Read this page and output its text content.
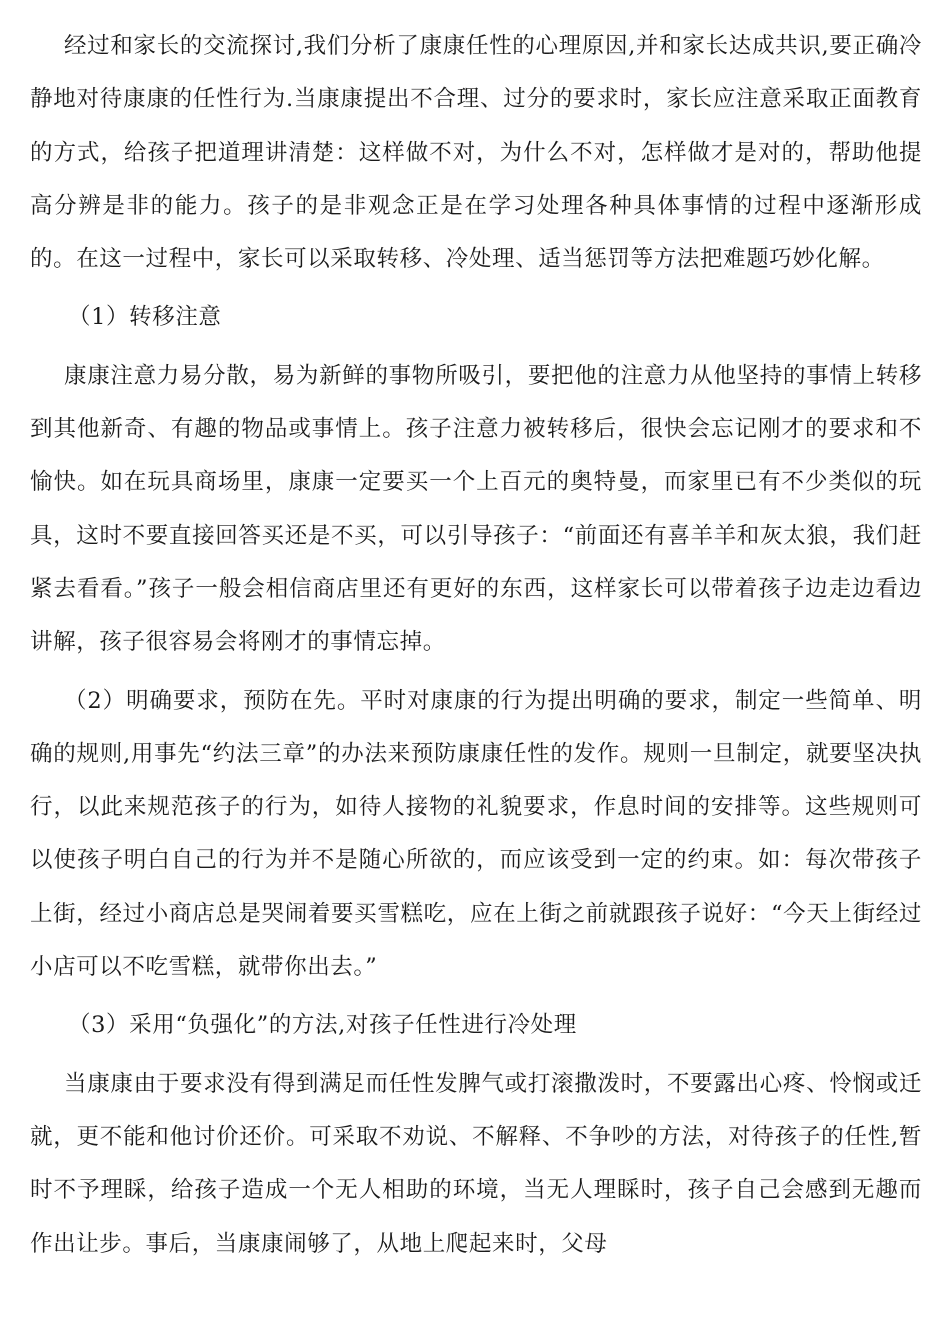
经过和家长的交流探讨,我们分析了康康任性的心理原因,并和家长达成共识,要正确冷静地对待康康的任性行为.当康康提出不合理、过分的要求时，家长应注意采取正面教育的方式，给孩子把道理讲清楚：这样做不对，为什么不对，怎样做才是对的，帮助他提高分辨是非的能力。孩子的是非观念正是在学习处理各种具体事情的过程中逐渐形成的。在这一过程中，家长可以采取转移、冷处理、适当惩罚等方法把难题巧妙化解。

（1）转移注意

康康注意力易分散，易为新鲜的事物所吸引，要把他的注意力从他坚持的事情上转移到其他新奇、有趣的物品或事情上。孩子注意力被转移后，很快会忘记刚才的要求和不愉快。如在玩具商场里，康康一定要买一个上百元的奥特曼，而家里已有不少类似的玩具，这时不要直接回答买还是不买，可以引导孩子：“前面还有喜羊羊和灰太狼，我们赶紧去看看。”孩子一般会相信商店里还有更好的东西，这样家长可以带着孩子边走边看边讲解，孩子很容易会将刚才的事情忘掉。

（2）明确要求，预防在先。平时对康康的行为提出明确的要求，制定一些简单、明确的规则,用事先“约法三章”的办法来预防康康任性的发作。规则一旦制定，就要坚决执行，以此来规范孩子的行为，如待人接物的礼貌要求，作息时间的安排等。这些规则可以使孩子明白自己的行为并不是随心所欲的，而应该受到一定的约束。如：每次带孩子上街，经过小商店总是哭闹着要买雪糕吃，应在上街之前就跟孩子说好：“今天上街经过小店可以不吃雪糕，就带你出去。”

（3）采用“负强化”的方法,对孩子任性进行冷处理

当康康由于要求没有得到满足而任性发脾气或打滚撒泼时，不要露出心疼、怜悯或迁就，更不能和他讨价还价。可采取不劝说、不解释、不争吵的方法，对待孩子的任性,暂时不予理睬，给孩子造成一个无人相助的环境，当无人理睬时，孩子自己会感到无趣而作出让步。事后，当康康闹够了，从地上爬起来时，父母
